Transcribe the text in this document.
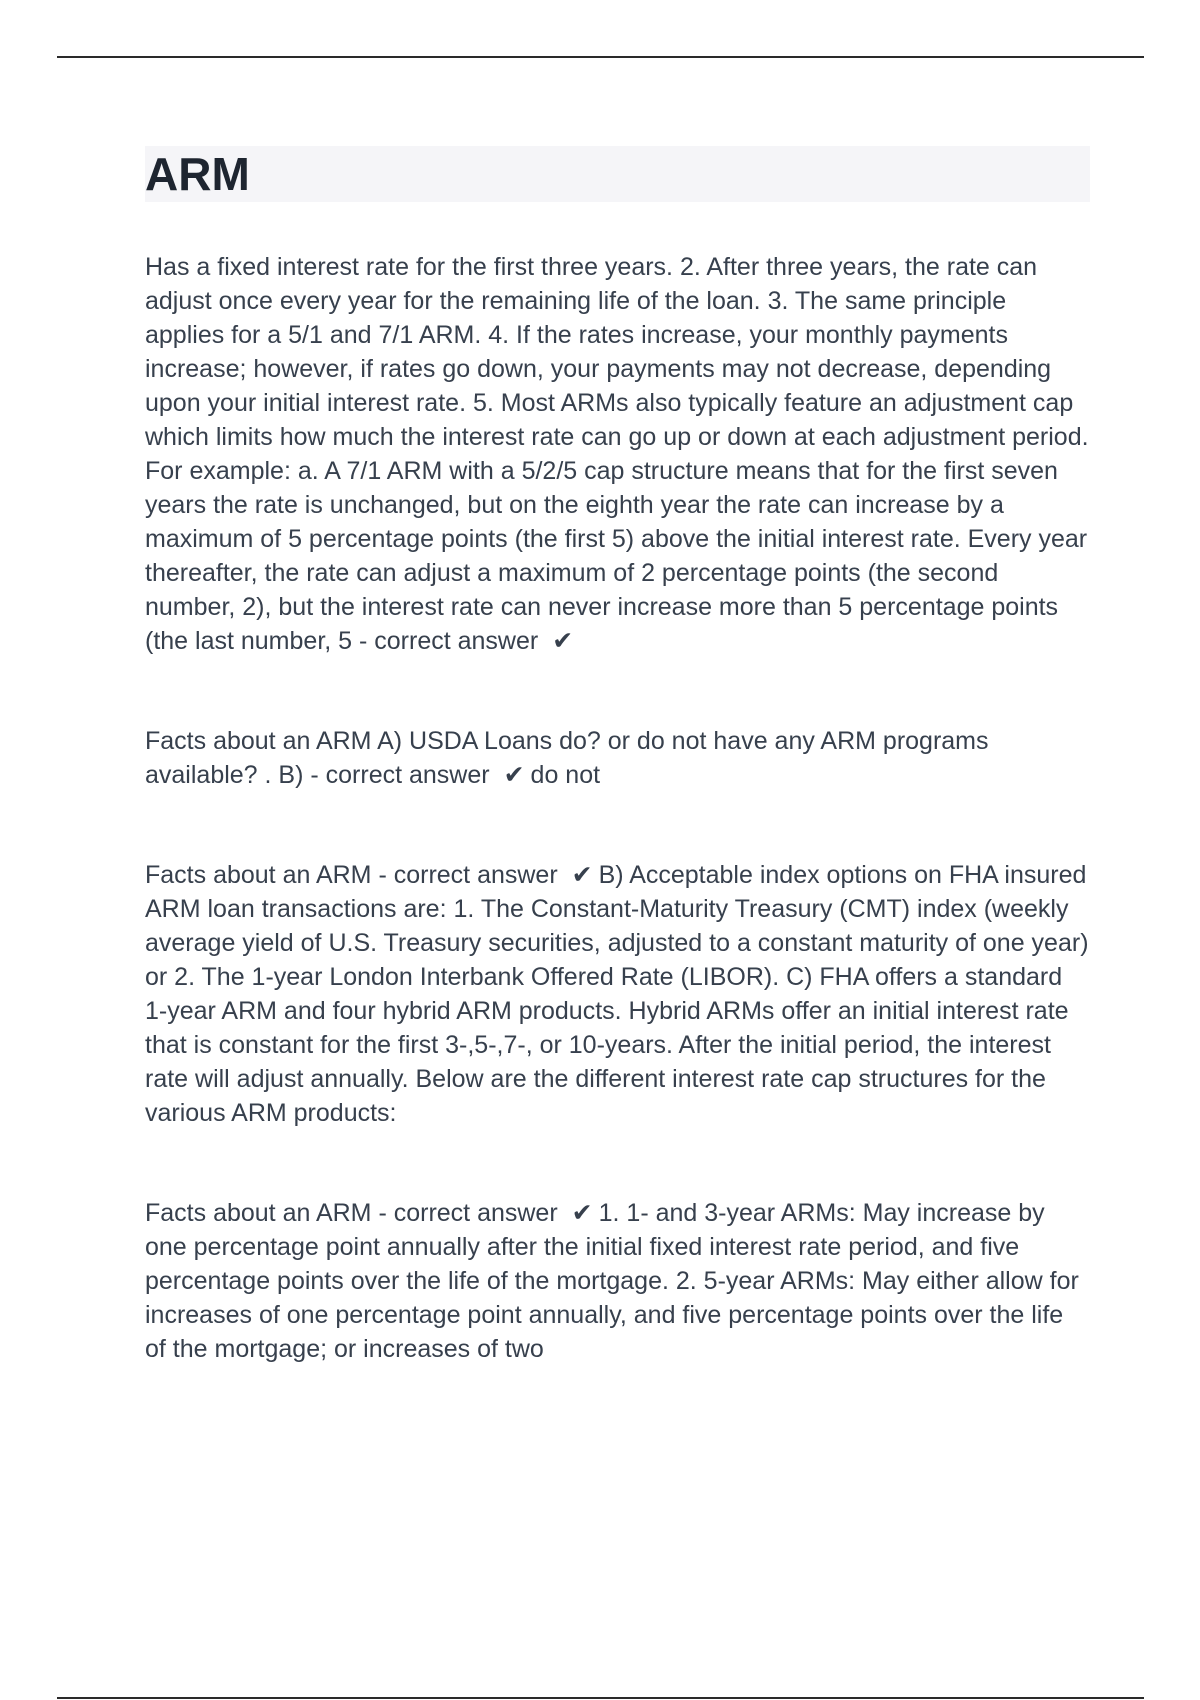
ARM

Has a fixed interest rate for the first three years. 2. After three years, the rate can adjust once every year for the remaining life of the loan. 3. The same principle applies for a 5/1 and 7/1 ARM. 4. If the rates increase, your monthly payments increase; however, if rates go down, your payments may not decrease, depending upon your initial interest rate. 5. Most ARMs also typically feature an adjustment cap which limits how much the interest rate can go up or down at each adjustment period. For example: a. A 7/1 ARM with a 5/2/5 cap structure means that for the first seven years the rate is unchanged, but on the eighth year the rate can increase by a maximum of 5 percentage points (the first 5) above the initial interest rate. Every year thereafter, the rate can adjust a maximum of 2 percentage points (the second number, 2), but the interest rate can never increase more than 5 percentage points (the last number, 5 - correct answer ✔

Facts about an ARM A) USDA Loans do? or do not have any ARM programs available? . B) - correct answer ✔ do not

Facts about an ARM - correct answer ✔ B) Acceptable index options on FHA insured ARM loan transactions are: 1. The Constant-Maturity Treasury (CMT) index (weekly average yield of U.S. Treasury securities, adjusted to a constant maturity of one year) or 2. The 1-year London Interbank Offered Rate (LIBOR). C) FHA offers a standard 1-year ARM and four hybrid ARM products. Hybrid ARMs offer an initial interest rate that is constant for the first 3-,5-,7-, or 10-years. After the initial period, the interest rate will adjust annually. Below are the different interest rate cap structures for the various ARM products:

Facts about an ARM - correct answer ✔ 1. 1- and 3-year ARMs: May increase by one percentage point annually after the initial fixed interest rate period, and five percentage points over the life of the mortgage. 2. 5-year ARMs: May either allow for increases of one percentage point annually, and five percentage points over the life of the mortgage; or increases of two
